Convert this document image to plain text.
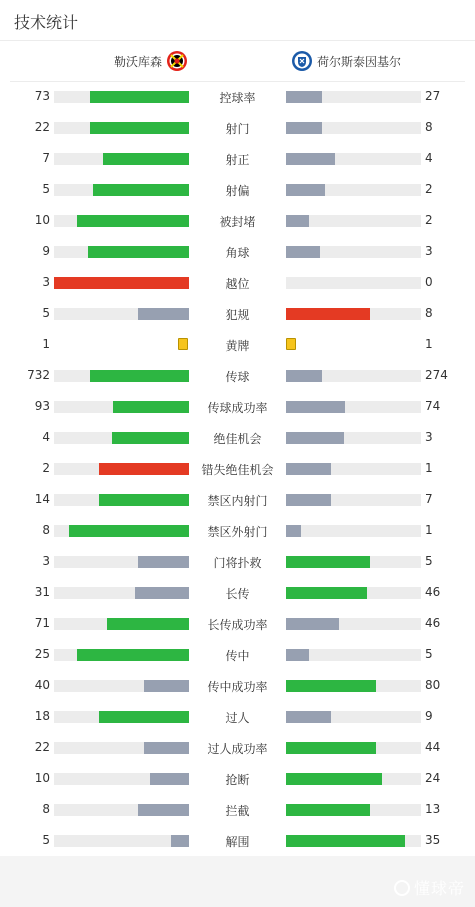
技术统计
勒沃库森	荷尔斯泰因基尔
73	控球率	27
22	射门	8
7	射正	4
5	射偏	2
10	被封堵	2
9	角球	3
3	越位	0
5	犯规	8
1	黄牌	1
732	传球	274
93	传球成功率	74
4	绝佳机会	3
2	错失绝佳机会	1
14	禁区内射门	7
8	禁区外射门	1
3	门将扑救	5
31	长传	46
71	长传成功率	46
25	传中	5
40	传中成功率	80
18	过人	9
22	过人成功率	44
10	抢断	24
8	拦截	13
5	解围	35
懂球帝
